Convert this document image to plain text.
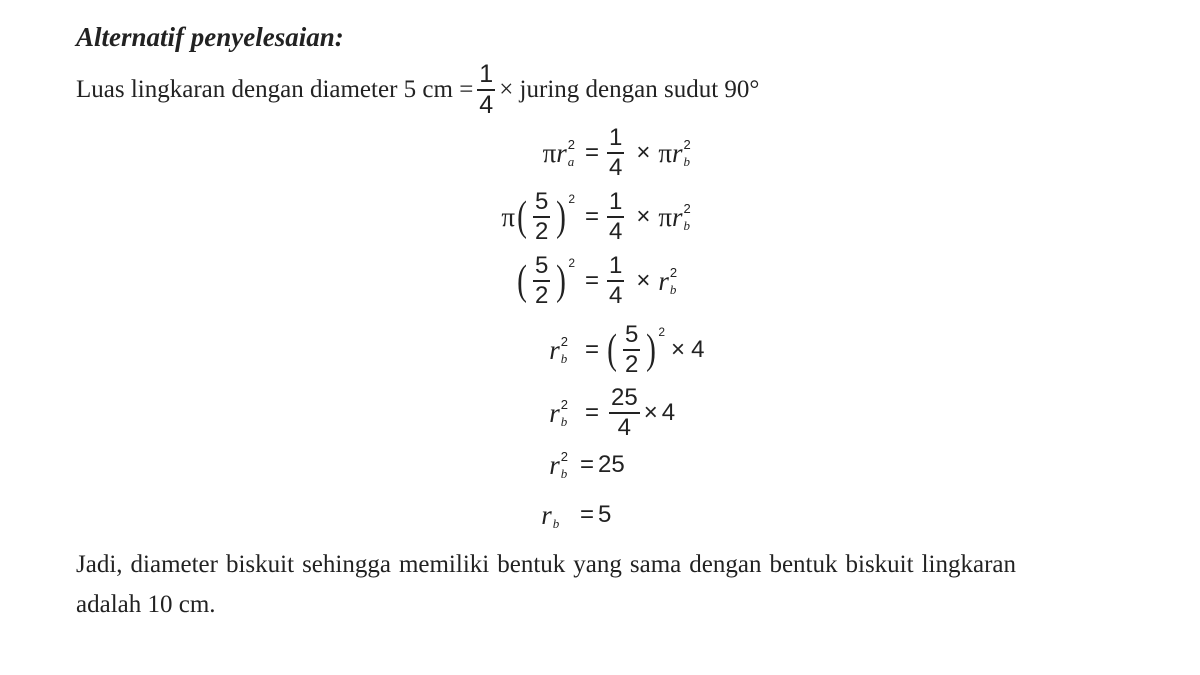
Alternatif penyelesaian:
Luas lingkaran dengan diameter 5 cm = $\frac{1}{4}$ × juring dengan sudut 90°
π r 2
$a = \frac{1}{4} \times \pi$ r 2
b
π ( $\frac{5}{2}$ ) 2
= $\frac{1}{4} \times \pi$ r 2
b
( $\frac{5}{2}$ ) 2
= $\frac{1}{4} \times r$ 2
b
r 2
b = ( $\frac{5}{2}$ ) 2
× 4
r 2
$b = \frac{25}{4} \times 4$
r 2
b = 25
r b = 5
Jadi, diameter biskuit sehingga memiliki bentuk yang sama dengan bentuk biskuit lingkaran adalah 10 cm.
